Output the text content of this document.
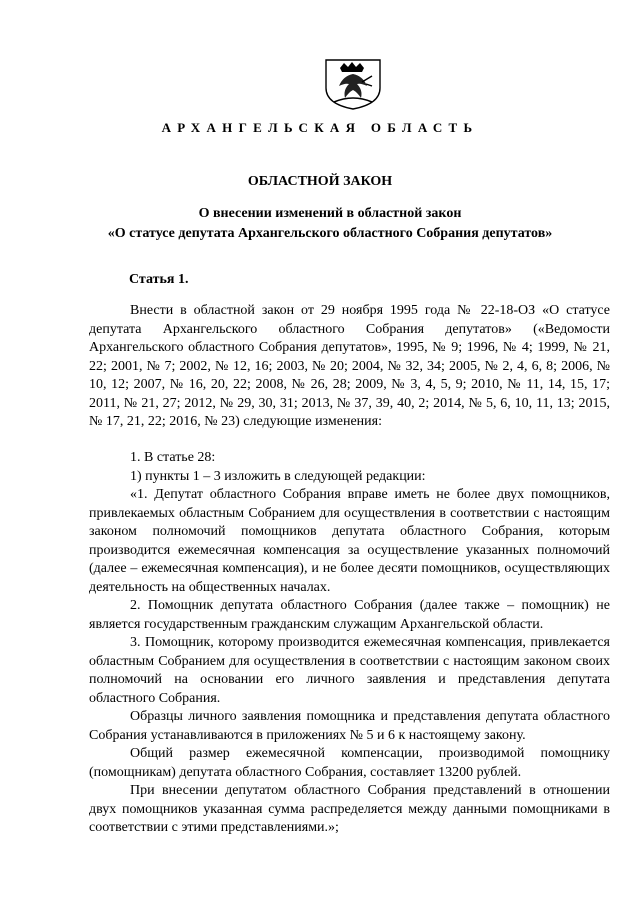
АРХАНГЕЛЬСКАЯ ОБЛАСТЬ
ОБЛАСТНОЙ ЗАКОН
О внесении изменений в областной закон
«О статусе депутата Архангельского областного Собрания депутатов»
Статья 1.

Внести в областной закон от 29 ноября 1995 года № 22-18-ОЗ «О статусе депутата Архангельского областного Собрания депутатов» («Ведомости Архангельского областного Собрания депутатов», 1995, № 9; 1996, № 4; 1999, № 21, 22; 2001, № 7; 2002, № 12, 16; 2003, № 20; 2004, № 32, 34; 2005, № 2, 4, 6, 8; 2006, № 10, 12; 2007, № 16, 20, 22; 2008, № 26, 28; 2009, № 3, 4, 5, 9; 2010, № 11, 14, 15, 17; 2011, № 21, 27; 2012, № 29, 30, 31; 2013, № 37, 39, 40, 2; 2014, № 5, 6, 10, 11, 13; 2015, № 17, 21, 22; 2016, № 23) следующие изменения:

1. В статье 28:

1) пункты 1 – 3 изложить в следующей редакции:

«1. Депутат областного Собрания вправе иметь не более двух помощников, привлекаемых областным Собранием для осуществления в соответствии с настоящим законом полномочий помощников депутата областного Собрания, которым производится ежемесячная компенсация за осуществление указанных полномочий (далее – ежемесячная компенсация), и не более десяти помощников, осуществляющих деятельность на общественных началах.

2. Помощник депутата областного Собрания (далее также – помощник) не является государственным гражданским служащим Архангельской области.

3. Помощник, которому производится ежемесячная компенсация, привлекается областным Собранием для осуществления в соответствии с настоящим законом своих полномочий на основании его личного заявления и представления депутата областного Собрания.

Образцы личного заявления помощника и представления депутата областного Собрания устанавливаются в приложениях № 5 и 6 к настоящему закону.

Общий размер ежемесячной компенсации, производимой помощнику (помощникам) депутата областного Собрания, составляет 13200 рублей.

При внесении депутатом областного Собрания представлений в отношении двух помощников указанная сумма распределяется между данными помощниками в соответствии с этими представлениями.»;
